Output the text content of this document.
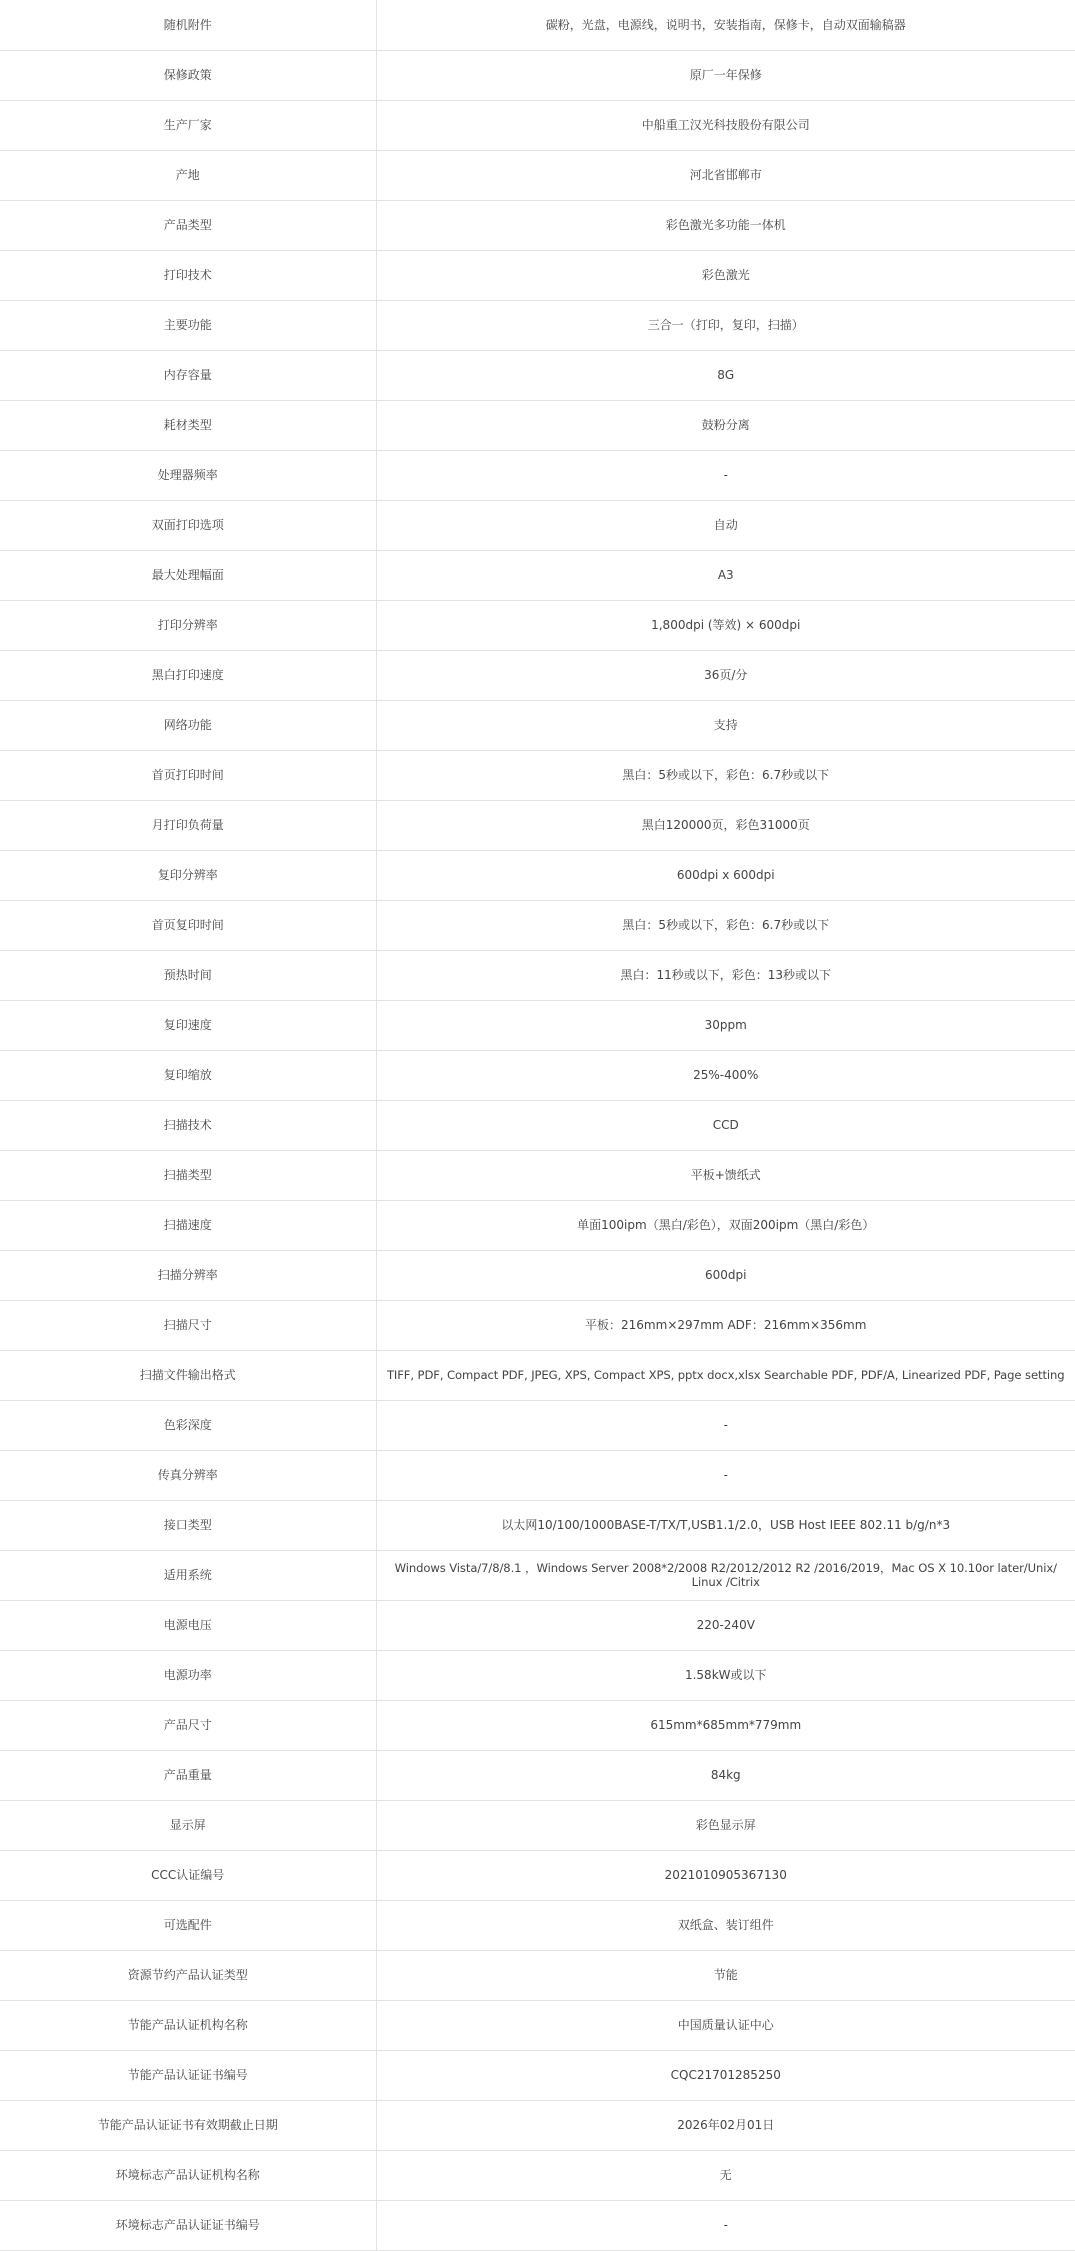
随机附件	碳粉，光盘，电源线，说明书，安装指南，保修卡，自动双面输稿器
保修政策	原厂一年保修
生产厂家	中船重工汉光科技股份有限公司
产地	河北省邯郸市
产品类型	彩色激光多功能一体机
打印技术	彩色激光
主要功能	三合一（打印，复印，扫描）
内存容量	8G
耗材类型	鼓粉分离
处理器频率	-
双面打印选项	自动
最大处理幅面	A3
打印分辨率	1,800dpi (等效) × 600dpi
黑白打印速度	36页/分
网络功能	支持
首页打印时间	黑白：5秒或以下，彩色：6.7秒或以下
月打印负荷量	黑白120000页，彩色31000页
复印分辨率	600dpi x 600dpi
首页复印时间	黑白：5秒或以下，彩色：6.7秒或以下
预热时间	黑白：11秒或以下，彩色：13秒或以下
复印速度	30ppm
复印缩放	25%-400%
扫描技术	CCD
扫描类型	平板+馈纸式
扫描速度	单面100ipm（黑白/彩色），双面200ipm（黑白/彩色）
扫描分辨率	600dpi
扫描尺寸	平板：216mm×297mm ADF：216mm×356mm
扫描文件输出格式	TIFF, PDF, Compact PDF, JPEG, XPS, Compact XPS, pptx docx,xlsx Searchable PDF, PDF/A, Linearized PDF, Page setting
色彩深度	-
传真分辨率	-
接口类型	以太网10/100/1000BASE-T/TX/T,USB1.1/2.0，USB Host IEEE 802.11 b/g/n*3
适用系统	Windows Vista/7/8/8.1 ，Windows Server 2008*2/2008 R2/2012/2012 R2 /2016/2019，Mac OS X 10.10or later/Unix/ Linux /Citrix
电源电压	220-240V
电源功率	1.58kW或以下
产品尺寸	615mm*685mm*779mm
产品重量	84kg
显示屏	彩色显示屏
CCC认证编号	2021010905367130
可选配件	双纸盒、装订组件
资源节约产品认证类型	节能
节能产品认证机构名称	中国质量认证中心
节能产品认证证书编号	CQC21701285250
节能产品认证证书有效期截止日期	2026年02月01日
环境标志产品认证机构名称	无
环境标志产品认证证书编号	-
